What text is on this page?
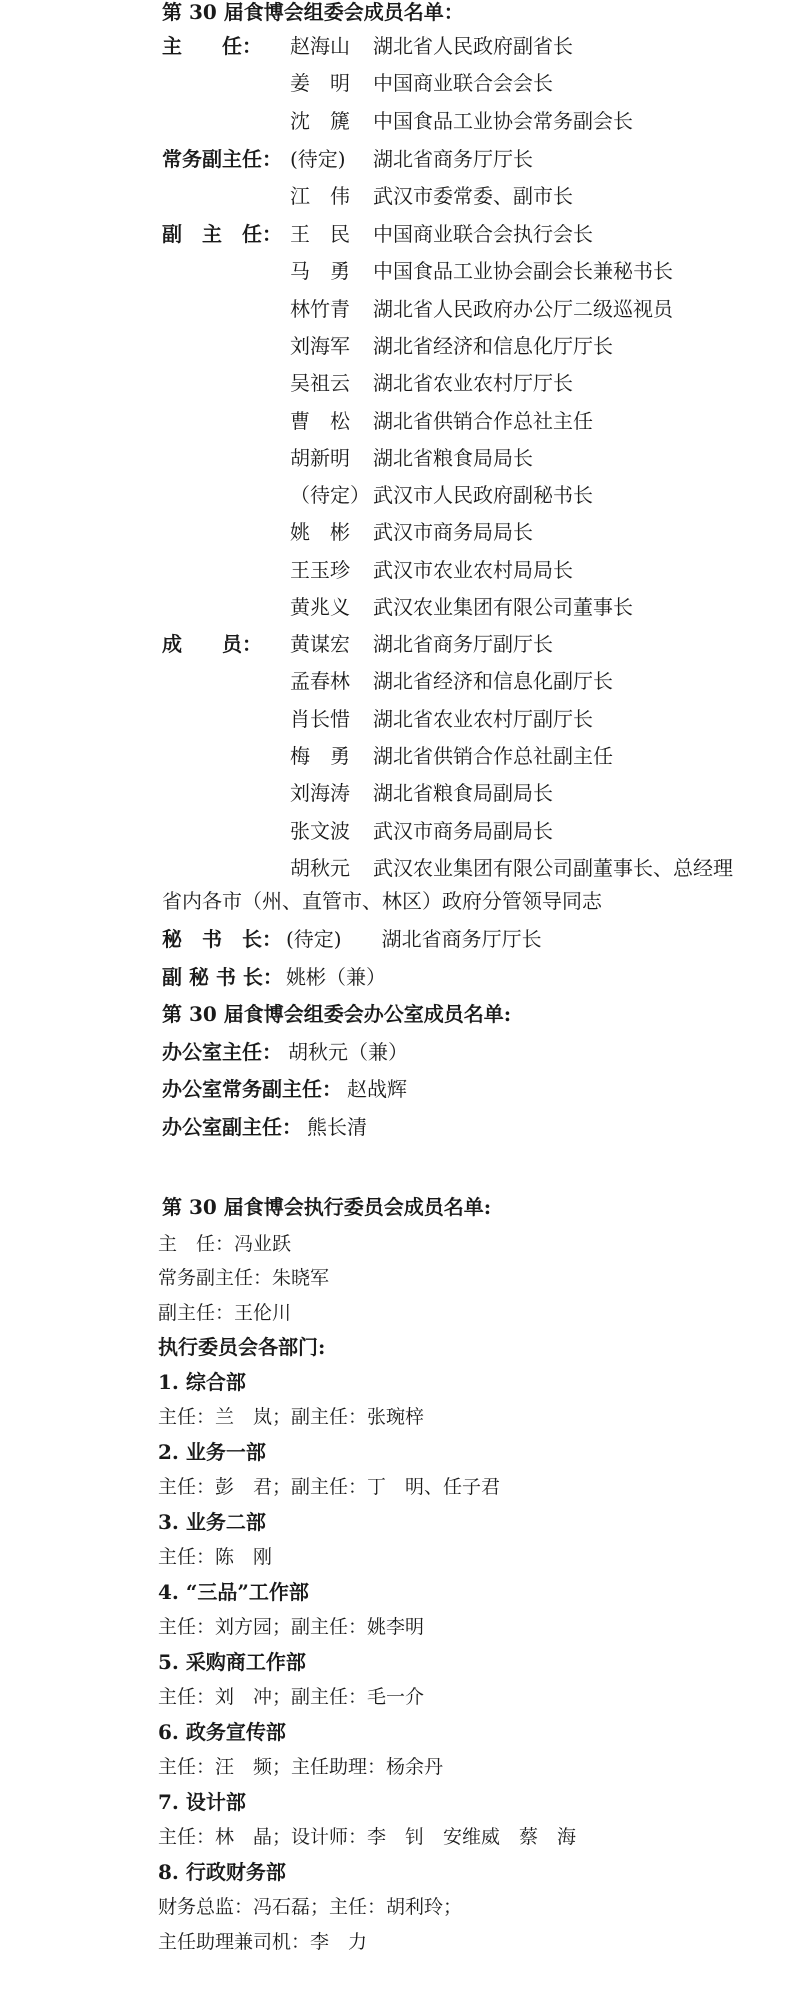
第 30 届食博会组委会成员名单：
主　　任：
常务副主任：
副　主　任：
成　　员：
赵海山 湖北省人民政府副省长
姜　明 中国商业联合会会长
沈　篪 中国食品工业协会常务副会长
(待定) 湖北省商务厅厅长
江　伟 武汉市委常委、副市长
王　民 中国商业联合会执行会长
马　勇 中国食品工业协会副会长兼秘书长
林竹青 湖北省人民政府办公厅二级巡视员
刘海军 湖北省经济和信息化厅厅长
吴祖云 湖北省农业农村厅厅长
曹　松 湖北省供销合作总社主任
胡新明 湖北省粮食局局长
（待定） 武汉市人民政府副秘书长
姚　彬 武汉市商务局局长
王玉珍 武汉市农业农村局局长
黄兆义 武汉农业集团有限公司董事长
黄谋宏 湖北省商务厅副厅长
孟春林 湖北省经济和信息化副厅长
肖长惜 湖北省农业农村厅副厅长
梅　勇 湖北省供销合作总社副主任
刘海涛 湖北省粮食局副局长
张文波 武汉市商务局副局长
胡秋元 武汉农业集团有限公司副董事长、总经理
省内各市（州、直管市、林区）政府分管领导同志
秘　书　长： (待定)　　湖北省商务厅厅长
副 秘 书 长： 姚彬（兼）
第 30 届食博会组委会办公室成员名单:
办公室主任： 胡秋元（兼）
办公室常务副主任： 赵战辉
办公室副主任： 熊长清
第 30 届食博会执行委员会成员名单:
主　任：冯业跃
常务副主任：朱晓军
副主任：王伦川
执行委员会各部门:
1. 综合部
主任：兰　岚；副主任：张琬梓
2. 业务一部
主任：彭　君；副主任：丁　明、任子君
3. 业务二部
主任：陈　刚
4. “三品”工作部
主任：刘方园；副主任：姚李明
5. 采购商工作部
主任：刘　冲；副主任：毛一介
6. 政务宣传部
主任：汪　频；主任助理：杨余丹
7. 设计部
主任：林　晶；设计师：李　钊　安维威　蔡　海
8. 行政财务部
财务总监：冯石磊；主任：胡利玲；
主任助理兼司机：李　力
